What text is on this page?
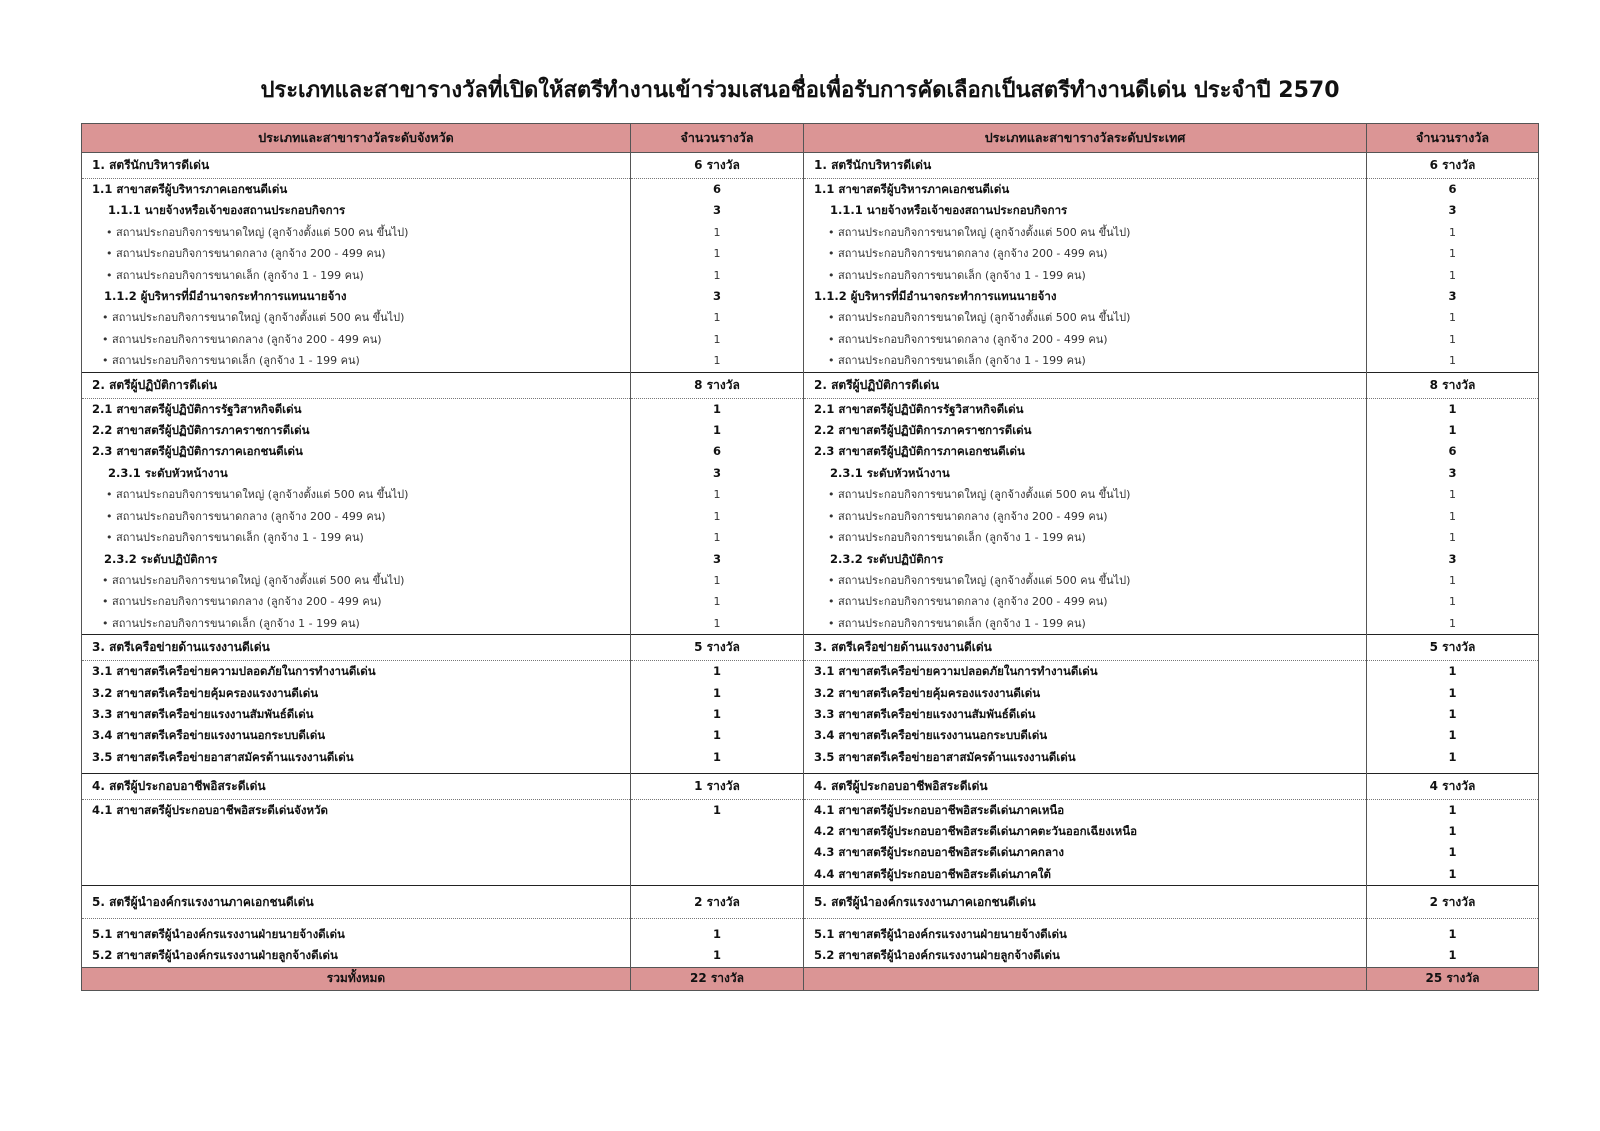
ประเภทและสาขารางวัลที่เปิดให้สตรีทำงานเข้าร่วมเสนอชื่อเพื่อรับการคัดเลือกเป็นสตรีทำงานดีเด่น ประจำปี 2570
ประเภทและสาขารางวัลระดับจังหวัด	จำนวนรางวัล	ประเภทและสาขารางวัลระดับประเทศ	จำนวนรางวัล
1. สตรีนักบริหารดีเด่น	6 รางวัล	1. สตรีนักบริหารดีเด่น	6 รางวัล
1.1 สาขาสตรีผู้บริหารภาคเอกชนดีเด่น	6	1.1 สาขาสตรีผู้บริหารภาคเอกชนดีเด่น	6
1.1.1 นายจ้างหรือเจ้าของสถานประกอบกิจการ	3	1.1.1 นายจ้างหรือเจ้าของสถานประกอบกิจการ	3
• สถานประกอบกิจการขนาดใหญ่ (ลูกจ้างตั้งแต่ 500 คน ขึ้นไป)	1	• สถานประกอบกิจการขนาดใหญ่ (ลูกจ้างตั้งแต่ 500 คน ขึ้นไป)	1
• สถานประกอบกิจการขนาดกลาง (ลูกจ้าง 200 - 499 คน)	1	• สถานประกอบกิจการขนาดกลาง (ลูกจ้าง 200 - 499 คน)	1
• สถานประกอบกิจการขนาดเล็ก (ลูกจ้าง 1 - 199 คน)	1	• สถานประกอบกิจการขนาดเล็ก (ลูกจ้าง 1 - 199 คน)	1
1.1.2 ผู้บริหารที่มีอำนาจกระทำการแทนนายจ้าง	3	1.1.2 ผู้บริหารที่มีอำนาจกระทำการแทนนายจ้าง	3
• สถานประกอบกิจการขนาดใหญ่ (ลูกจ้างตั้งแต่ 500 คน ขึ้นไป)	1	• สถานประกอบกิจการขนาดใหญ่ (ลูกจ้างตั้งแต่ 500 คน ขึ้นไป)	1
• สถานประกอบกิจการขนาดกลาง (ลูกจ้าง 200 - 499 คน)	1	• สถานประกอบกิจการขนาดกลาง (ลูกจ้าง 200 - 499 คน)	1
• สถานประกอบกิจการขนาดเล็ก (ลูกจ้าง 1 - 199 คน)	1	• สถานประกอบกิจการขนาดเล็ก (ลูกจ้าง 1 - 199 คน)	1
2. สตรีผู้ปฏิบัติการดีเด่น	8 รางวัล	2. สตรีผู้ปฏิบัติการดีเด่น	8 รางวัล
2.1 สาขาสตรีผู้ปฏิบัติการรัฐวิสาหกิจดีเด่น	1	2.1 สาขาสตรีผู้ปฏิบัติการรัฐวิสาหกิจดีเด่น	1
2.2 สาขาสตรีผู้ปฏิบัติการภาคราชการดีเด่น	1	2.2 สาขาสตรีผู้ปฏิบัติการภาคราชการดีเด่น	1
2.3 สาขาสตรีผู้ปฏิบัติการภาคเอกชนดีเด่น	6	2.3 สาขาสตรีผู้ปฏิบัติการภาคเอกชนดีเด่น	6
2.3.1 ระดับหัวหน้างาน	3	2.3.1 ระดับหัวหน้างาน	3
• สถานประกอบกิจการขนาดใหญ่ (ลูกจ้างตั้งแต่ 500 คน ขึ้นไป)	1	• สถานประกอบกิจการขนาดใหญ่ (ลูกจ้างตั้งแต่ 500 คน ขึ้นไป)	1
• สถานประกอบกิจการขนาดกลาง (ลูกจ้าง 200 - 499 คน)	1	• สถานประกอบกิจการขนาดกลาง (ลูกจ้าง 200 - 499 คน)	1
• สถานประกอบกิจการขนาดเล็ก (ลูกจ้าง 1 - 199 คน)	1	• สถานประกอบกิจการขนาดเล็ก (ลูกจ้าง 1 - 199 คน)	1
2.3.2 ระดับปฏิบัติการ	3	2.3.2 ระดับปฏิบัติการ	3
• สถานประกอบกิจการขนาดใหญ่ (ลูกจ้างตั้งแต่ 500 คน ขึ้นไป)	1	• สถานประกอบกิจการขนาดใหญ่ (ลูกจ้างตั้งแต่ 500 คน ขึ้นไป)	1
• สถานประกอบกิจการขนาดกลาง (ลูกจ้าง 200 - 499 คน)	1	• สถานประกอบกิจการขนาดกลาง (ลูกจ้าง 200 - 499 คน)	1
• สถานประกอบกิจการขนาดเล็ก (ลูกจ้าง 1 - 199 คน)	1	• สถานประกอบกิจการขนาดเล็ก (ลูกจ้าง 1 - 199 คน)	1
3. สตรีเครือข่ายด้านแรงงานดีเด่น	5 รางวัล	3. สตรีเครือข่ายด้านแรงงานดีเด่น	5 รางวัล
3.1 สาขาสตรีเครือข่ายความปลอดภัยในการทำงานดีเด่น	1	3.1 สาขาสตรีเครือข่ายความปลอดภัยในการทำงานดีเด่น	1
3.2 สาขาสตรีเครือข่ายคุ้มครองแรงงานดีเด่น	1	3.2 สาขาสตรีเครือข่ายคุ้มครองแรงงานดีเด่น	1
3.3 สาขาสตรีเครือข่ายแรงงานสัมพันธ์ดีเด่น	1	3.3 สาขาสตรีเครือข่ายแรงงานสัมพันธ์ดีเด่น	1
3.4 สาขาสตรีเครือข่ายแรงงานนอกระบบดีเด่น	1	3.4 สาขาสตรีเครือข่ายแรงงานนอกระบบดีเด่น	1
3.5 สาขาสตรีเครือข่ายอาสาสมัครด้านแรงงานดีเด่น	1	3.5 สาขาสตรีเครือข่ายอาสาสมัครด้านแรงงานดีเด่น	1

4. สตรีผู้ประกอบอาชีพอิสระดีเด่น	1 รางวัล	4. สตรีผู้ประกอบอาชีพอิสระดีเด่น	4 รางวัล
4.1 สาขาสตรีผู้ประกอบอาชีพอิสระดีเด่นจังหวัด	1	4.1 สาขาสตรีผู้ประกอบอาชีพอิสระดีเด่นภาคเหนือ	1
		4.2 สาขาสตรีผู้ประกอบอาชีพอิสระดีเด่นภาคตะวันออกเฉียงเหนือ	1
		4.3 สาขาสตรีผู้ประกอบอาชีพอิสระดีเด่นภาคกลาง	1
		4.4 สาขาสตรีผู้ประกอบอาชีพอิสระดีเด่นภาคใต้	1
5. สตรีผู้นำองค์กรแรงงานภาคเอกชนดีเด่น	2 รางวัล	5. สตรีผู้นำองค์กรแรงงานภาคเอกชนดีเด่น	2 รางวัล

5.1 สาขาสตรีผู้นำองค์กรแรงงานฝ่ายนายจ้างดีเด่น	1	5.1 สาขาสตรีผู้นำองค์กรแรงงานฝ่ายนายจ้างดีเด่น	1
5.2 สาขาสตรีผู้นำองค์กรแรงงานฝ่ายลูกจ้างดีเด่น	1	5.2 สาขาสตรีผู้นำองค์กรแรงงานฝ่ายลูกจ้างดีเด่น	1
รวมทั้งหมด	22 รางวัล		25 รางวัล
